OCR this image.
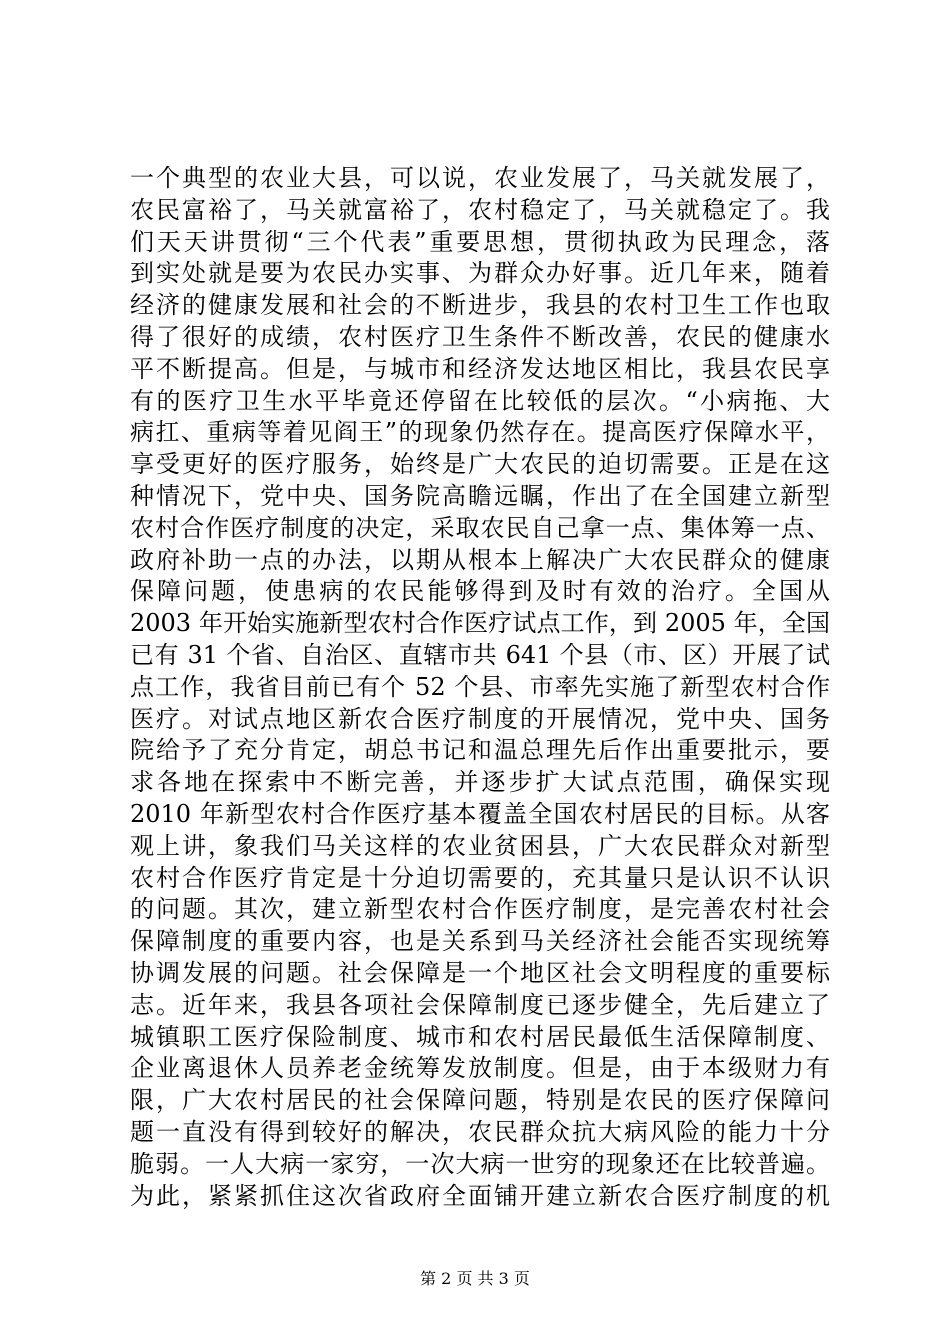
一个典型的农业大县，可以说，农业发展了，马关就发展了，
农民富裕了，马关就富裕了，农村稳定了，马关就稳定了。我
们天天讲贯彻“三个代表”重要思想，贯彻执政为民理念，落
到实处就是要为农民办实事、为群众办好事。近几年来，随着
经济的健康发展和社会的不断进步，我县的农村卫生工作也取
得了很好的成绩，农村医疗卫生条件不断改善，农民的健康水
平不断提高。但是，与城市和经济发达地区相比，我县农民享
有的医疗卫生水平毕竟还停留在比较低的层次。“小病拖、大
病扛、重病等着见阎王”的现象仍然存在。提高医疗保障水平，
享受更好的医疗服务，始终是广大农民的迫切需要。正是在这
种情况下，党中央、国务院高瞻远瞩，作出了在全国建立新型
农村合作医疗制度的决定，采取农民自己拿一点、集体筹一点、
政府补助一点的办法，以期从根本上解决广大农民群众的健康
保障问题，使患病的农民能够得到及时有效的治疗。全国从
2003 年开始实施新型农村合作医疗试点工作，到 2005 年，全国
已有 31 个省、自治区、直辖市共 641 个县（市、区）开展了试
点工作，我省目前已有个 52 个县、市率先实施了新型农村合作
医疗。对试点地区新农合医疗制度的开展情况，党中央、国务
院给予了充分肯定，胡总书记和温总理先后作出重要批示，要
求各地在探索中不断完善，并逐步扩大试点范围，确保实现
2010 年新型农村合作医疗基本覆盖全国农村居民的目标。从客
观上讲，象我们马关这样的农业贫困县，广大农民群众对新型
农村合作医疗肯定是十分迫切需要的，充其量只是认识不认识
的问题。其次，建立新型农村合作医疗制度，是完善农村社会
保障制度的重要内容，也是关系到马关经济社会能否实现统筹
协调发展的问题。社会保障是一个地区社会文明程度的重要标
志。近年来，我县各项社会保障制度已逐步健全，先后建立了
城镇职工医疗保险制度、城市和农村居民最低生活保障制度、
企业离退休人员养老金统筹发放制度。但是，由于本级财力有
限，广大农村居民的社会保障问题，特别是农民的医疗保障问
题一直没有得到较好的解决，农民群众抗大病风险的能力十分
脆弱。一人大病一家穷，一次大病一世穷的现象还在比较普遍。
为此，紧紧抓住这次省政府全面铺开建立新农合医疗制度的机
第 2 页 共 3 页
